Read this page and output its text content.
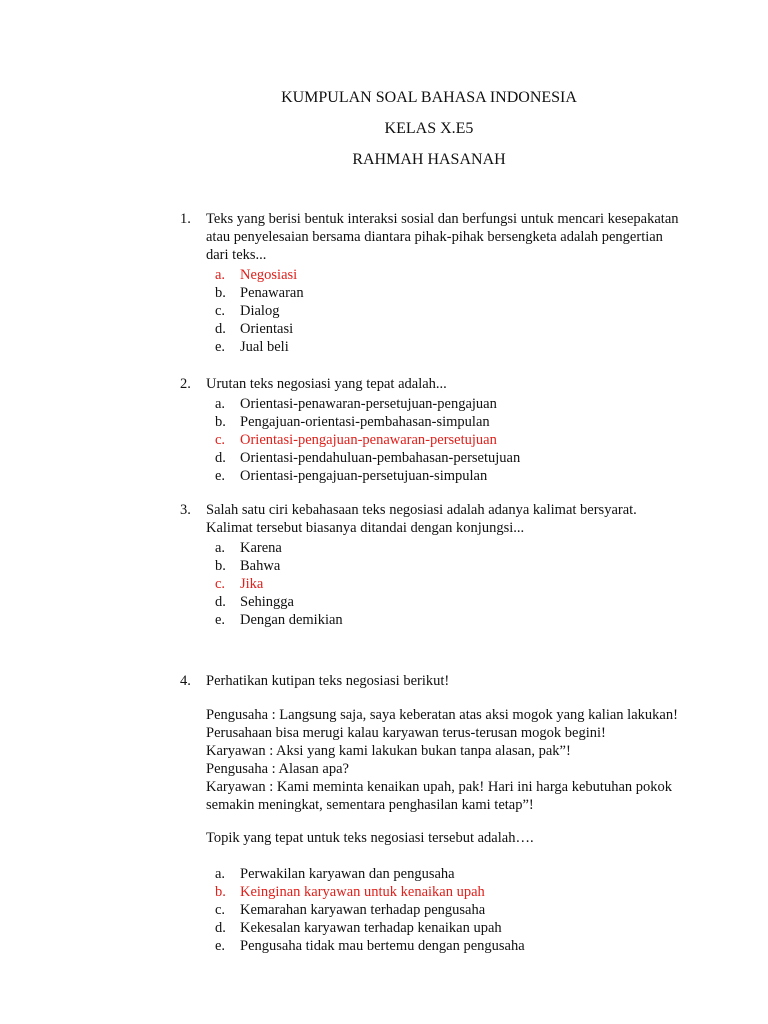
KUMPULAN SOAL BAHASA INDONESIA
KELAS X.E5
RAHMAH HASANAH
1.	Teks yang berisi bentuk interaksi sosial dan berfungsi untuk mencari kesepakatan
atau penyelesaian bersama diantara pihak-pihak bersengketa adalah pengertian
dari teks...
a.	Negosiasi
b. Penawaran
c.	Dialog
d. Orientasi
e.	Jual beli
2.	Urutan teks negosiasi yang tepat adalah...
a.	Orientasi-penawaran-persetujuan-pengajuan
b. Pengajuan-orientasi-pembahasan-simpulan
c.	Orientasi-pengajuan-penawaran-persetujuan
d. Orientasi-pendahuluan-pembahasan-persetujuan
e.	Orientasi-pengajuan-persetujuan-simpulan
3.	Salah satu ciri kebahasaan teks negosiasi adalah adanya kalimat bersyarat.
Kalimat tersebut biasanya ditandai dengan konjungsi...
a.	Karena
b. Bahwa
c.	Jika
d. Sehingga
e.	Dengan demikian
4.	Perhatikan kutipan teks negosiasi berikut!
Pengusaha : Langsung saja, saya keberatan atas aksi mogok yang kalian lakukan!
Perusahaan bisa merugi kalau karyawan terus-terusan mogok begini!
Karyawan : Aksi yang kami lakukan bukan tanpa alasan, pak”!
Pengusaha : Alasan apa?
Karyawan : Kami meminta kenaikan upah, pak! Hari ini harga kebutuhan pokok
semakin meningkat, sementara penghasilan kami tetap”!
Topik yang tepat untuk teks negosiasi tersebut adalah….
a.	Perwakilan karyawan dan pengusaha
b. Keinginan karyawan untuk kenaikan upah
c.	Kemarahan karyawan terhadap pengusaha
d. Kekesalan karyawan terhadap kenaikan upah
e.	Pengusaha tidak mau bertemu dengan pengusaha
